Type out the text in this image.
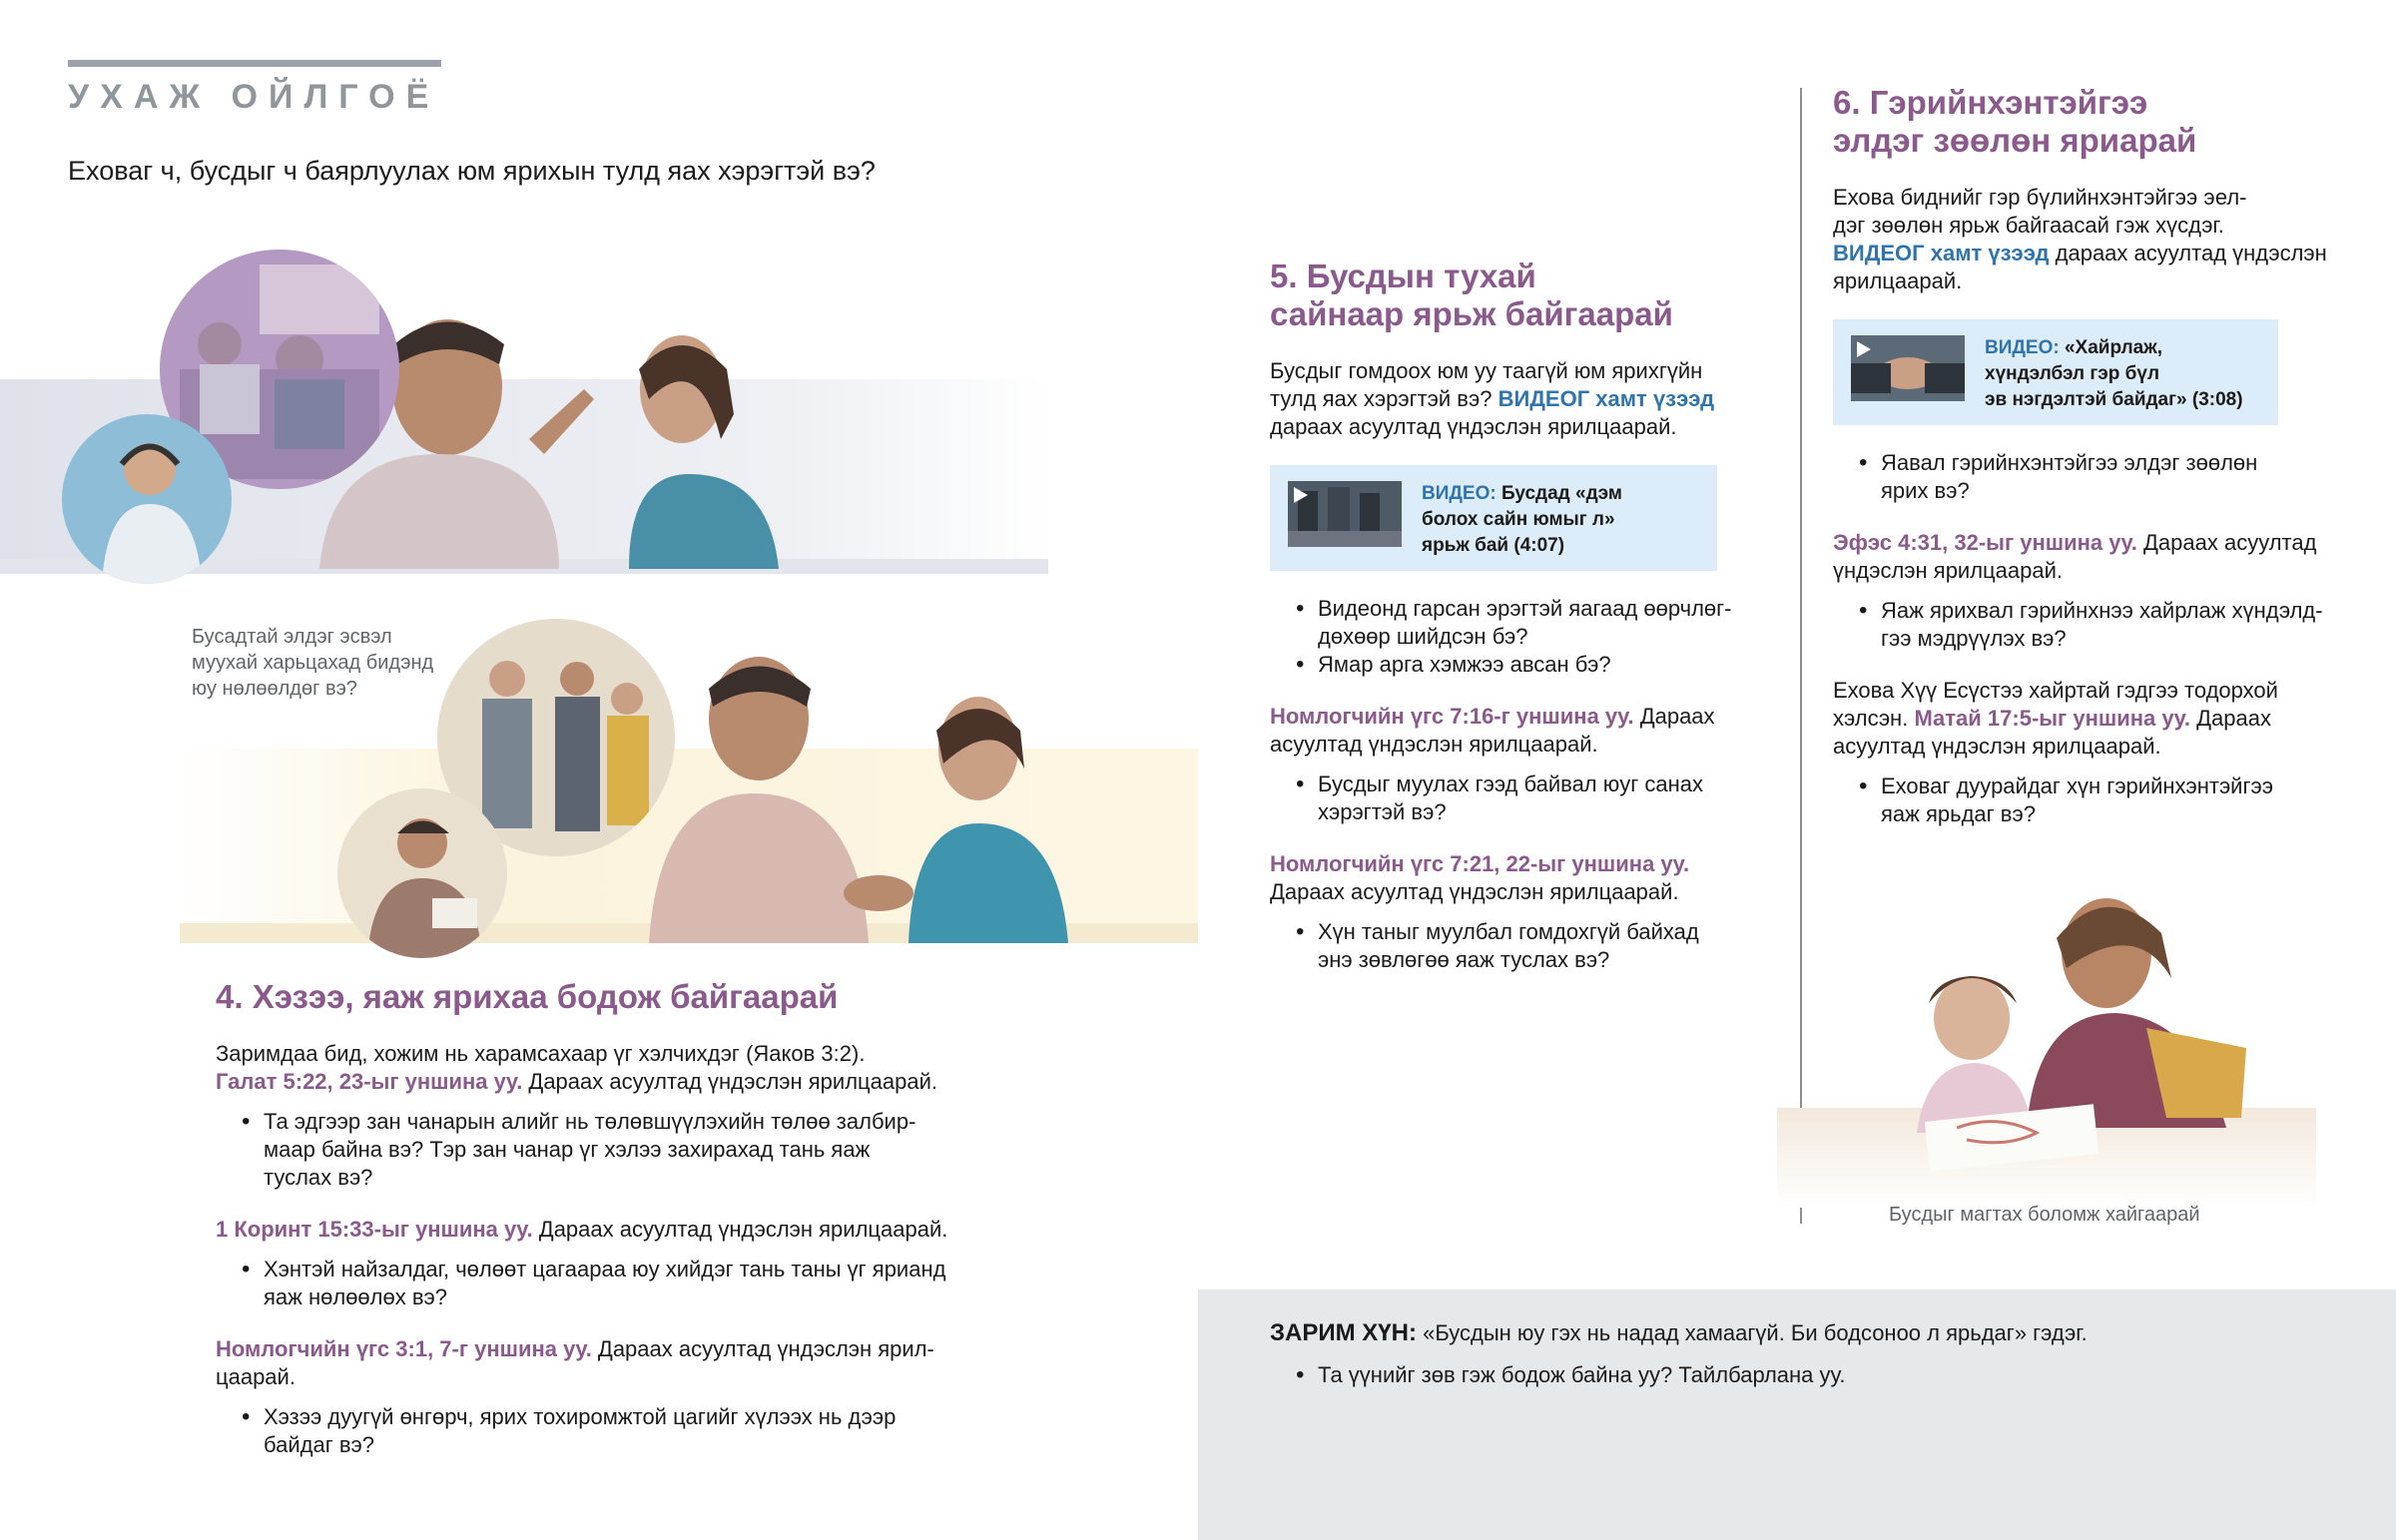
УХАЖ ОЙЛГОЁ
Еховаг ч, бусдыг ч баярлуулах юм ярихын тулд яах хэрэгтэй вэ?
Бусадтай элдэг эсвэл
муухай харьцахад бидэнд
юу нөлөөлдөг вэ?
4. Хэзээ, яаж ярихаа бодож байгаарай

Заримдаа бид, хожим нь харамсахаар үг хэлчихдэг (Яаков 3:2).

Галат 5:22, 23-ыг уншина уу. Дараах асуултад үндэслэн ярилцаарай.

• Та эдгээр зан чанарын алийг нь төлөвшүүлэхийн төлөө залбир-
маар байна вэ? Тэр зан чанар үг хэлээ захирахад тань яаж
туслах вэ?
1 Коринт 15:33-ыг уншина уу. Дараах асуултад үндэслэн ярилцаарай.
• Хэнтэй найзалдаг, чөлөөт цагаараа юу хийдэг тань таны үг ярианд
яаж нөлөөлөх вэ?
Номлогчийн үгс 3:1, 7-г уншина уу. Дараах асуултад үндэслэн ярил-
цаарай.
• Хэзээ дуугүй өнгөрч, ярих тохиромжтой цагийг хүлээх нь дээр
байдаг вэ?
5. Бусдын тухай
сайнаар ярьж байгаарай
Бусдыг гомдоох юм уу таагүй юм ярихгүйн
тулд яах хэрэгтэй вэ? ВИДЕОГ хамт үзээд
дараах асуултад үндэслэн ярилцаарай.
ВИДЕО: Бусдад «дэм
болох сайн юмыг л»
ярьж бай (4:07)
• Видеонд гарсан эрэгтэй яагаад өөрчлөг-
дөхөөр шийдсэн бэ?
• Ямар арга хэмжээ авсан бэ?
Номлогчийн үгс 7:16-г уншина уу. Дараах
асуултад үндэслэн ярилцаарай.
• Бусдыг муулах гээд байвал юуг санах
хэрэгтэй вэ?
Номлогчийн үгс 7:21, 22-ыг уншина уу.
Дараах асуултад үндэслэн ярилцаарай.
• Хүн таныг муулбал гомдохгүй байхад
энэ зөвлөгөө яаж туслах вэ?
6. Гэрийнхэнтэйгээ
элдэг зөөлөн яриарай
Ехова биднийг гэр бүлийнхэнтэйгээ эел-
дэг зөөлөн ярьж байгаасай гэж хүсдэг.
ВИДЕОГ хамт үзээд дараах асуултад үндэслэн
ярилцаарай.
ВИДЕО: «Хайрлаж,
хүндэлбэл гэр бүл
эв нэгдэлтэй байдаг» (3:08)
• Яавал гэрийнхэнтэйгээ элдэг зөөлөн
ярих вэ?
Эфэс 4:31, 32-ыг уншина уу. Дараах асуултад
үндэслэн ярилцаарай.
• Яаж ярихвал гэрийнхнээ хайрлаж хүндэлд-
гээ мэдрүүлэх вэ?
Ехова Хүү Есүстээ хайртай гэдгээ тодорхой
хэлсэн. Матай 17:5-ыг уншина уу. Дараах
асуултад үндэслэн ярилцаарай.
• Еховаг дуурайдаг хүн гэрийнхэнтэйгээ
яаж ярьдаг вэ?
Бусдыг магтах боломж хайгаарай
ЗАРИМ ХҮН: «Бусдын юу гэх нь надад хамаагүй. Би бодсоноо л ярьдаг» гэдэг.
• Та үүнийг зөв гэж бодож байна уу? Тайлбарлана уу.
